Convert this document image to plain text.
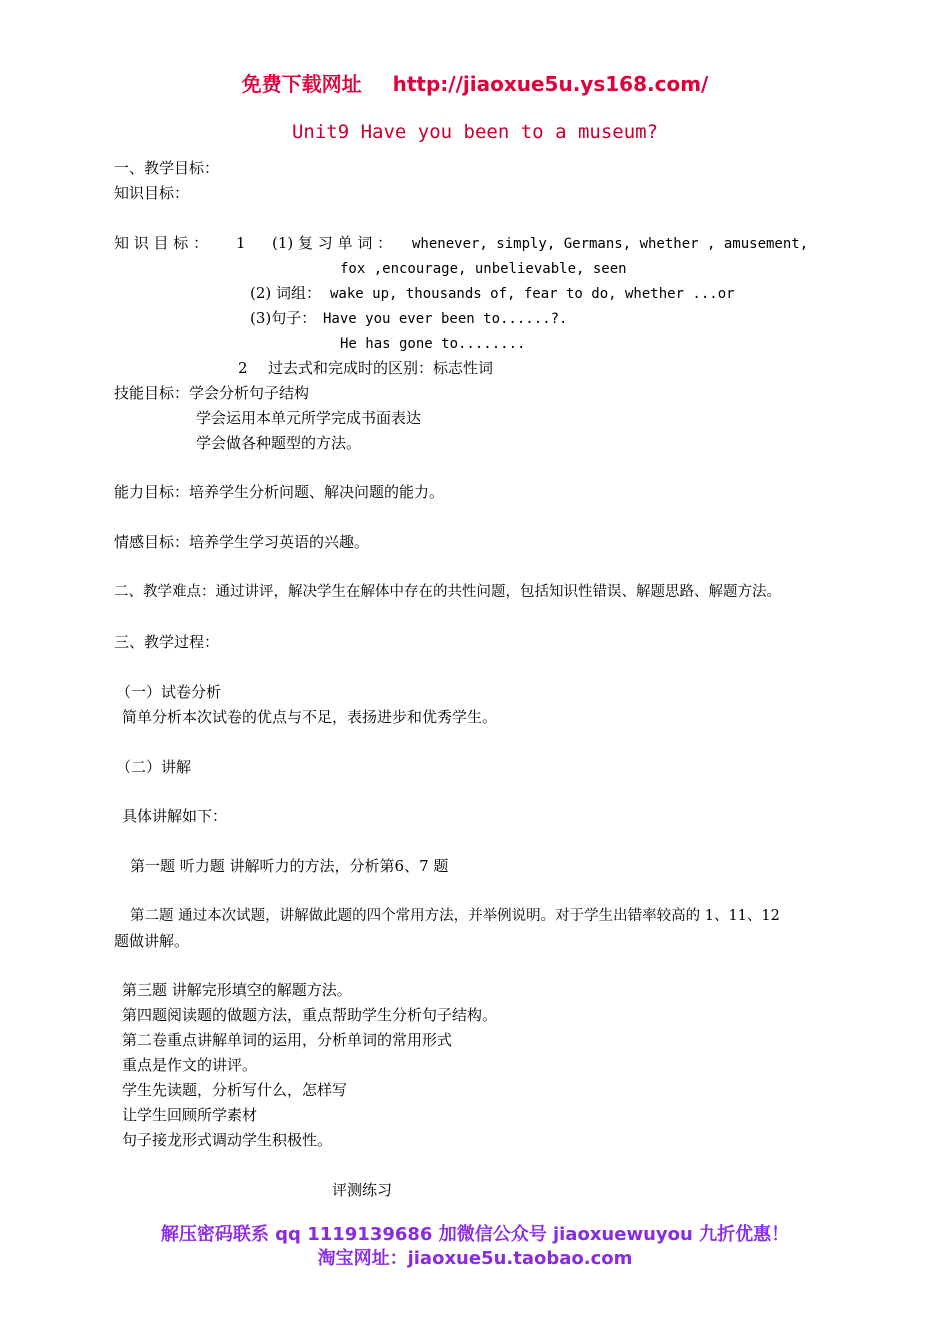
免费下载网址 http://jiaoxue5u.ys168.com/
Unit9 Have you been to a museum?
一、教学目标：
知识目标：
知 识 目 标 ： 1 (1) 复 习 单 词 ： whenever, simply, Germans, whether , amusement,
fox ,encourage, unbelievable, seen
(2) 词组： wake up, thousands of, fear to do, whether ...or
(3)句子： Have you ever been to......?.
He has gone to........
2 过去式和完成时的区别：标志性词
技能目标：学会分析句子结构
学会运用本单元所学完成书面表达
学会做各种题型的方法。
能力目标：培养学生分析问题、解决问题的能力。
情感目标：培养学生学习英语的兴趣。
二、教学难点：通过讲评，解决学生在解体中存在的共性问题，包括知识性错误、解题思路、解题方法。
三、教学过程：
（一）试卷分析
简单分析本次试卷的优点与不足，表扬进步和优秀学生。
（二）讲解
具体讲解如下：
第一题 听力题 讲解听力的方法，分析第6、7 题
第二题 通过本次试题，讲解做此题的四个常用方法，并举例说明。对于学生出错率较高的 1、11、12
题做讲解。
第三题 讲解完形填空的解题方法。
第四题阅读题的做题方法，重点帮助学生分析句子结构。
第二卷重点讲解单词的运用，分析单词的常用形式
重点是作文的讲评。
学生先读题，分析写什么，怎样写
让学生回顾所学素材
句子接龙形式调动学生积极性。
评测练习
解压密码联系 qq 1119139686 加微信公众号 jiaoxuewuyou 九折优惠！
淘宝网址：jiaoxue5u.taobao.com
